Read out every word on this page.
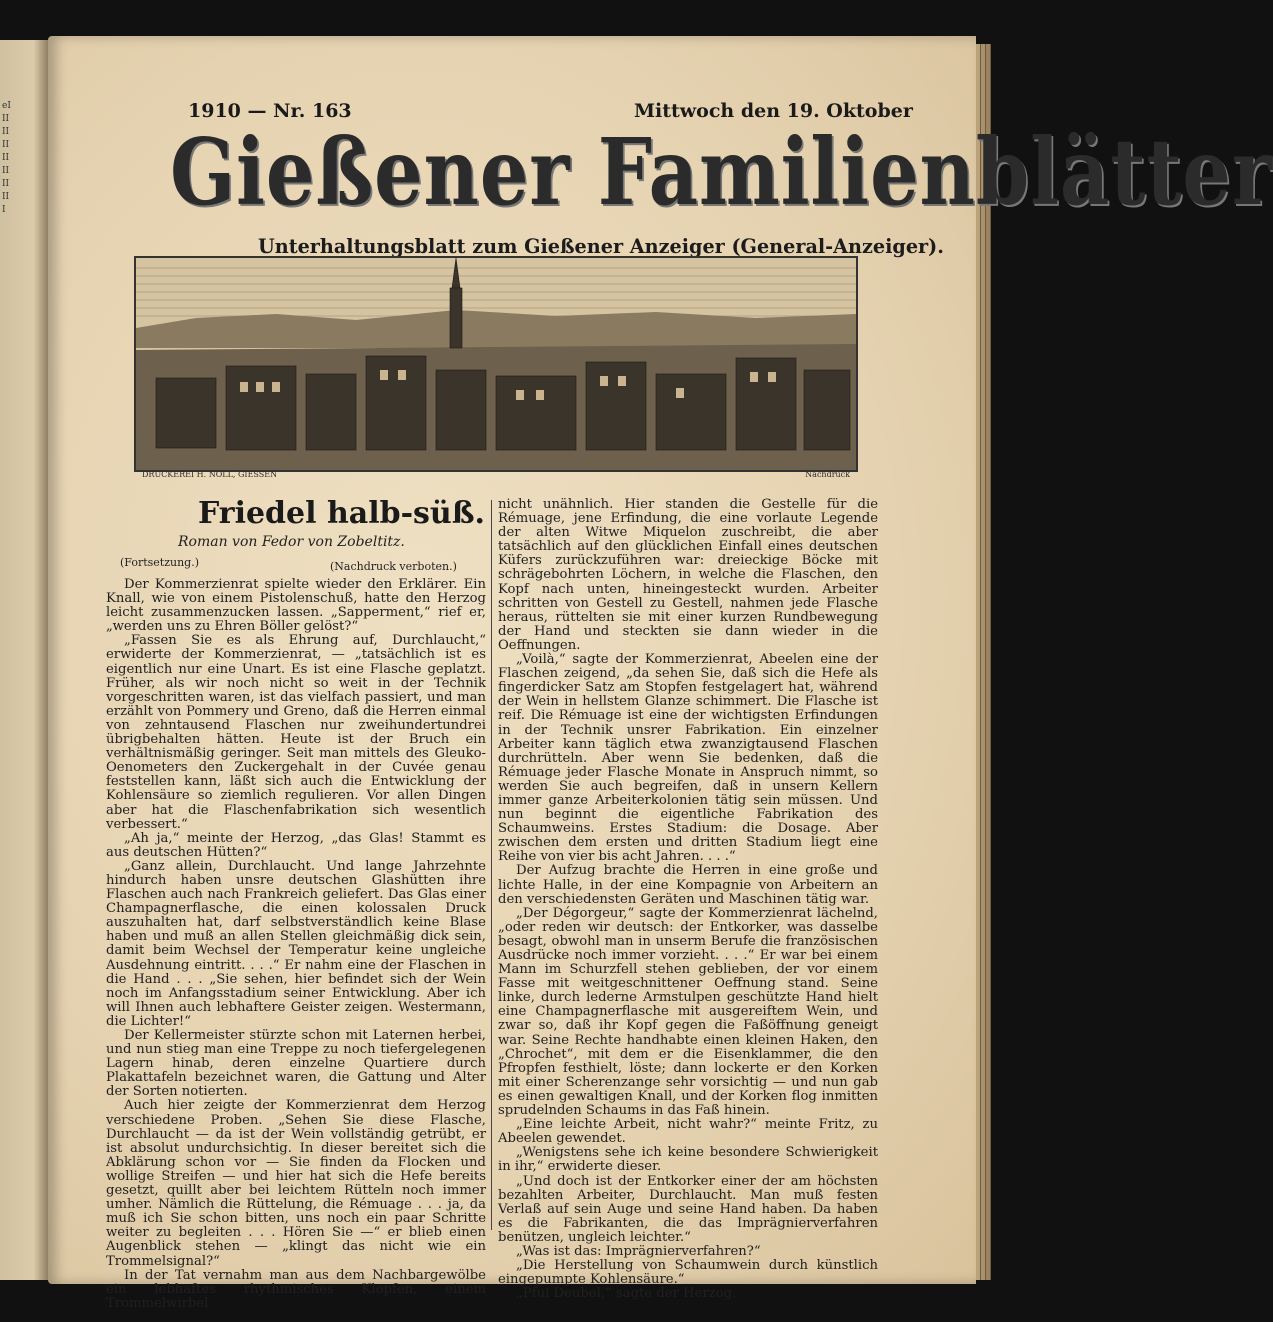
eIIIIIIIIIIIIIIII
1910 — Nr. 163	Mittwoch den 19. Oktober
Gießener Familienblätter
Unterhaltungsblatt zum Gießener Anzeiger (General-Anzeiger).
DRUCKEREI H. NOLL, GIESSEN	Nachdruck
Friedel halb-süß.
Roman von Fedor von Zobeltitz.
(Fortsetzung.)	(Nachdruck verboten.)

Der Kommerzienrat spielte wieder den Erklärer. Ein Knall, wie von einem Pistolenschuß, hatte den Herzog leicht zusammenzucken lassen. „Sapperment,“ rief er, „werden uns zu Ehren Böller gelöst?“

„Fassen Sie es als Ehrung auf, Durchlaucht,“ erwiderte der Kommerzienrat, — „tatsächlich ist es eigentlich nur eine Unart. Es ist eine Flasche geplatzt. Früher, als wir noch nicht so weit in der Technik vorgeschritten waren, ist das vielfach passiert, und man erzählt von Pommery und Greno, daß die Herren einmal von zehntausend Flaschen nur zweihundertundrei übrigbehalten hätten. Heute ist der Bruch ein verhältnismäßig geringer. Seit man mittels des Gleuko-Oenometers den Zuckergehalt in der Cuvée genau feststellen kann, läßt sich auch die Entwicklung der Kohlensäure so ziemlich regulieren. Vor allen Dingen aber hat die Flaschenfabrikation sich wesentlich verbessert.“

„Ah ja,“ meinte der Herzog, „das Glas! Stammt es aus deutschen Hütten?“

„Ganz allein, Durchlaucht. Und lange Jahrzehnte hindurch haben unsre deutschen Glashütten ihre Flaschen auch nach Frankreich geliefert. Das Glas einer Champagnerflasche, die einen kolossalen Druck auszuhalten hat, darf selbstverständlich keine Blase haben und muß an allen Stellen gleichmäßig dick sein, damit beim Wechsel der Temperatur keine ungleiche Ausdehnung eintritt. . . .“ Er nahm eine der Flaschen in die Hand . . . „Sie sehen, hier befindet sich der Wein noch im Anfangsstadium seiner Entwicklung. Aber ich will Ihnen auch lebhaftere Geister zeigen. Westermann, die Lichter!“

Der Kellermeister stürzte schon mit Laternen herbei, und nun stieg man eine Treppe zu noch tiefergelegenen Lagern hinab, deren einzelne Quartiere durch Plakattafeln bezeichnet waren, die Gattung und Alter der Sorten notierten.

Auch hier zeigte der Kommerzienrat dem Herzog verschiedene Proben. „Sehen Sie diese Flasche, Durchlaucht — da ist der Wein vollständig getrübt, er ist absolut undurchsichtig. In dieser bereitet sich die Abklärung schon vor — Sie finden da Flocken und wollige Streifen — und hier hat sich die Hefe bereits gesetzt, quillt aber bei leichtem Rütteln noch immer umher. Nämlich die Rüttelung, die Rémuage . . . ja, da muß ich Sie schon bitten, uns noch ein paar Schritte weiter zu begleiten . . . Hören Sie —“ er blieb einen Augenblick stehen — „klingt das nicht wie ein Trommelsignal?“

In der Tat vernahm man aus dem Nachbargewölbe ein lebhaftes rhythmisches Klopfen, einem Trommelwirbel

nicht unähnlich. Hier standen die Gestelle für die Rémuage, jene Erfindung, die eine vorlaute Legende der alten Witwe Miquelon zuschreibt, die aber tatsächlich auf den glücklichen Einfall eines deutschen Küfers zurückzuführen war: dreieckige Böcke mit schrägebohrten Löchern, in welche die Flaschen, den Kopf nach unten, hineingesteckt wurden. Arbeiter schritten von Gestell zu Gestell, nahmen jede Flasche heraus, rüttelten sie mit einer kurzen Rundbewegung der Hand und steckten sie dann wieder in die Oeffnungen.

„Voilà,“ sagte der Kommerzienrat, Abeelen eine der Flaschen zeigend, „da sehen Sie, daß sich die Hefe als fingerdicker Satz am Stopfen festgelagert hat, während der Wein in hellstem Glanze schimmert. Die Flasche ist reif. Die Rémuage ist eine der wichtigsten Erfindungen in der Technik unsrer Fabrikation. Ein einzelner Arbeiter kann täglich etwa zwanzigtausend Flaschen durchrütteln. Aber wenn Sie bedenken, daß die Rémuage jeder Flasche Monate in Anspruch nimmt, so werden Sie auch begreifen, daß in unsern Kellern immer ganze Arbeiterkolonien tätig sein müssen. Und nun beginnt die eigentliche Fabrikation des Schaumweins. Erstes Stadium: die Dosage. Aber zwischen dem ersten und dritten Stadium liegt eine Reihe von vier bis acht Jahren. . . .“

Der Aufzug brachte die Herren in eine große und lichte Halle, in der eine Kompagnie von Arbeitern an den verschiedensten Geräten und Maschinen tätig war.

„Der Dégorgeur,“ sagte der Kommerzienrat lächelnd, „oder reden wir deutsch: der Entkorker, was dasselbe besagt, obwohl man in unserm Berufe die französischen Ausdrücke noch immer vorzieht. . . .“ Er war bei einem Mann im Schurzfell stehen geblieben, der vor einem Fasse mit weitgeschnittener Oeffnung stand. Seine linke, durch lederne Armstulpen geschützte Hand hielt eine Champagnerflasche mit ausgereiftem Wein, und zwar so, daß ihr Kopf gegen die Faßöffnung geneigt war. Seine Rechte handhabte einen kleinen Haken, den „Chrochet“, mit dem er die Eisenklammer, die den Pfropfen festhielt, löste; dann lockerte er den Korken mit einer Scherenzange sehr vorsichtig — und nun gab es einen gewaltigen Knall, und der Korken flog inmitten sprudelnden Schaums in das Faß hinein.

„Eine leichte Arbeit, nicht wahr?“ meinte Fritz, zu Abeelen gewendet.

„Wenigstens sehe ich keine besondere Schwierigkeit in ihr,“ erwiderte dieser.

„Und doch ist der Entkorker einer der am höchsten bezahlten Arbeiter, Durchlaucht. Man muß festen Verlaß auf sein Auge und seine Hand haben. Da haben es die Fabrikanten, die das Imprägnierverfahren benützen, ungleich leichter.“

„Was ist das: Imprägnierverfahren?“

„Die Herstellung von Schaumwein durch künstlich eingepumpte Kohlensäure.“

„Pfui Deubel,“ sagte der Herzog.
